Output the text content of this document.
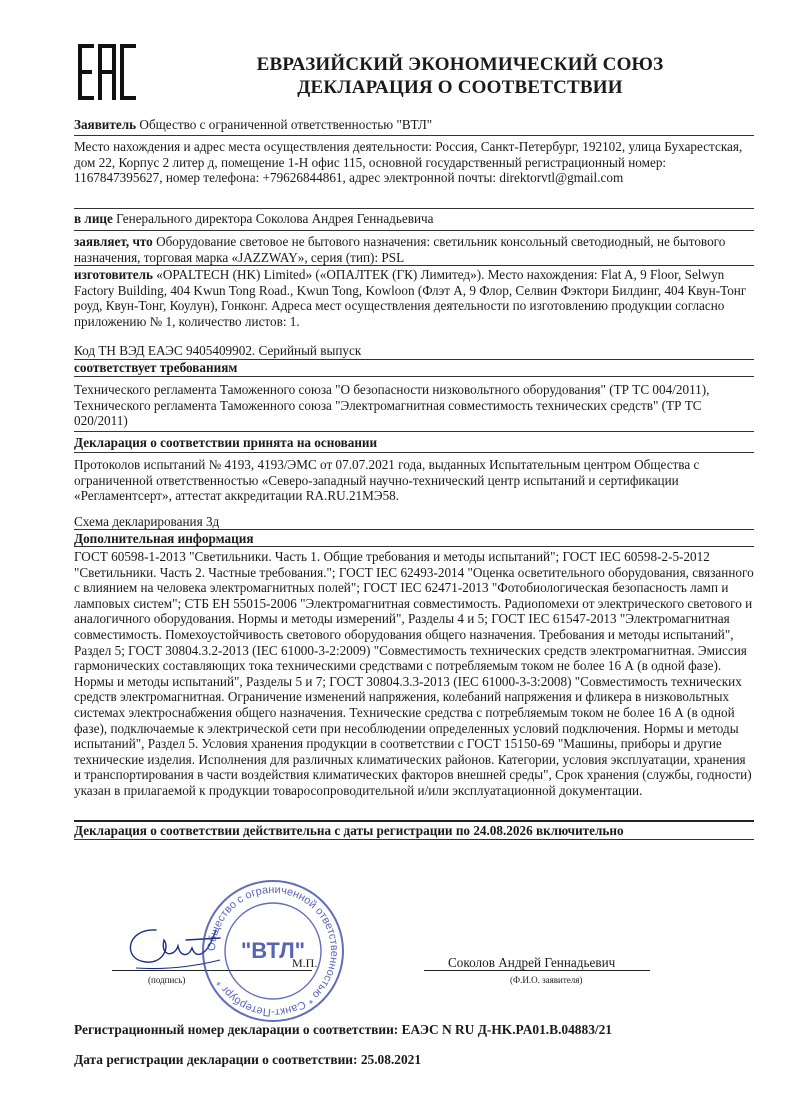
ЕВРАЗИЙСКИЙ ЭКОНОМИЧЕСКИЙ СОЮЗ
ДЕКЛАРАЦИЯ О СООТВЕТСТВИИ
Заявитель Общество с ограниченной ответственностью "ВТЛ"
Место нахождения и адрес места осуществления деятельности: Россия, Санкт-Петербург, 192102, улица Бухарестская, дом 22, Корпус 2 литер д, помещение 1-Н офис 115, основной государственный регистрационный номер: 1167847395627, номер телефона: +79626844861, адрес электронной почты: direktorvtl@gmail.com
в лице Генерального директора Соколова Андрея Геннадьевича
заявляет, что Оборудование световое не бытового назначения: светильник консольный светодиодный, не бытового назначения, торговая марка «JAZZWAY», серия (тип): PSL
изготовитель «OPALTECH (HK) Limited» («ОПАЛТЕК (ГК) Лимитед»). Место нахождения: Flat A, 9 Floor, Selwyn Factory Building, 404 Kwun Tong Road., Kwun Tong, Kowloon (Флэт А, 9 Флор, Селвин Фэктори Билдинг, 404 Квун-Тонг роуд, Квун-Тонг, Коулун), Гонконг. Адреса мест осуществления деятельности по изготовлению продукции согласно приложению № 1, количество листов: 1.
Код ТН ВЭД ЕАЭС 9405409902. Серийный выпуск
соответствует требованиям
Технического регламента Таможенного союза "О безопасности низковольтного оборудования" (ТР ТС 004/2011), Технического регламента Таможенного союза "Электромагнитная совместимость технических средств" (ТР ТС 020/2011)
Декларация о соответствии принята на основании
Протоколов испытаний № 4193, 4193/ЭМС от 07.07.2021 года, выданных Испытательным центром Общества с ограниченной ответственностью «Северо-западный научно-технический центр испытаний и сертификации «Регламентсерт», аттестат аккредитации RA.RU.21МЭ58.
Схема декларирования 3д
Дополнительная информация
ГОСТ 60598-1-2013 "Светильники. Часть 1. Общие требования и методы испытаний"; ГОСТ IEC 60598-2-5-2012 "Светильники. Часть 2. Частные требования."; ГОСТ IEC 62493-2014 "Оценка осветительного оборудования, связанного с влиянием на человека электромагнитных полей"; ГОСТ IEC 62471-2013 "Фотобиологическая безопасность ламп и ламповых систем"; СТБ ЕН 55015-2006 "Электромагнитная совместимость. Радиопомехи от электрического светового и аналогичного оборудования. Нормы и методы измерений", Разделы 4 и 5; ГОСТ IEC 61547-2013 "Электромагнитная совместимость. Помехоустойчивость светового оборудования общего назначения. Требования и методы испытаний", Раздел 5; ГОСТ 30804.3.2-2013 (IEC 61000-3-2:2009) "Совместимость технических средств электромагнитная. Эмиссия гармонических составляющих тока техническими средствами с потребляемым током не более 16 А (в одной фазе). Нормы и методы испытаний", Разделы 5 и 7; ГОСТ 30804.3.3-2013 (IEC 61000-3-3:2008) "Совместимость технических средств электромагнитная. Ограничение изменений напряжения, колебаний напряжения и фликера в низковольтных системах электроснабжения общего назначения. Технические средства с потребляемым током не более 16 А (в одной фазе), подключаемые к электрической сети при несоблюдении определенных условий подключения. Нормы и методы испытаний", Раздел 5. Условия хранения продукции в соответствии с ГОСТ 15150-69 "Машины, приборы и другие технические изделия. Исполнения для различных климатических районов. Категории, условия эксплуатации, хранения и транспортирования в части воздействия климатических факторов внешней среды", Срок хранения (службы, годности) указан в прилагаемой к продукции товаросопроводительной и/или эксплуатационной документации.
Декларация о соответствии действительна с даты регистрации по 24.08.2026 включительно
(подпись)	(Ф.И.О. заявителя)
М.П.	Соколов Андрей Геннадьевич
Общество с ограниченной ответственностью * Санкт-Петербург *
"ВТЛ"
Регистрационный номер декларации о соответствии: ЕАЭС N RU Д-HK.PA01.B.04883/21
Дата регистрации декларации о соответствии: 25.08.2021
